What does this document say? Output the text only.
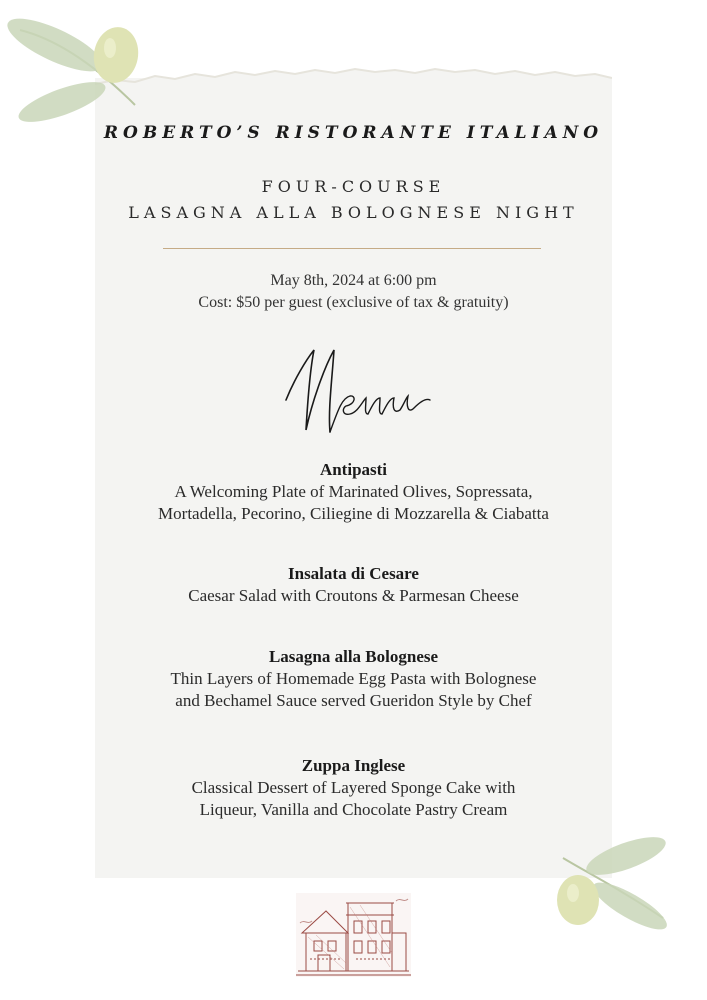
ROBERTO’S RISTORANTE ITALIANO
FOUR-COURSE
LASAGNA ALLA BOLOGNESE NIGHT
May 8th, 2024 at 6:00 pm
Cost: $50 per guest (exclusive of tax & gratuity)
Menu
Antipasti
A Welcoming Plate of Marinated Olives, Sopressata,
Mortadella, Pecorino, Ciliegine di Mozzarella & Ciabatta
Insalata di Cesare
Caesar Salad with Croutons & Parmesan Cheese
Lasagna alla Bolognese
Thin Layers of Homemade Egg Pasta with Bolognese
and Bechamel Sauce served Gueridon Style by Chef
Zuppa Inglese
Classical Dessert of Layered Sponge Cake with
Liqueur, Vanilla and Chocolate Pastry Cream
